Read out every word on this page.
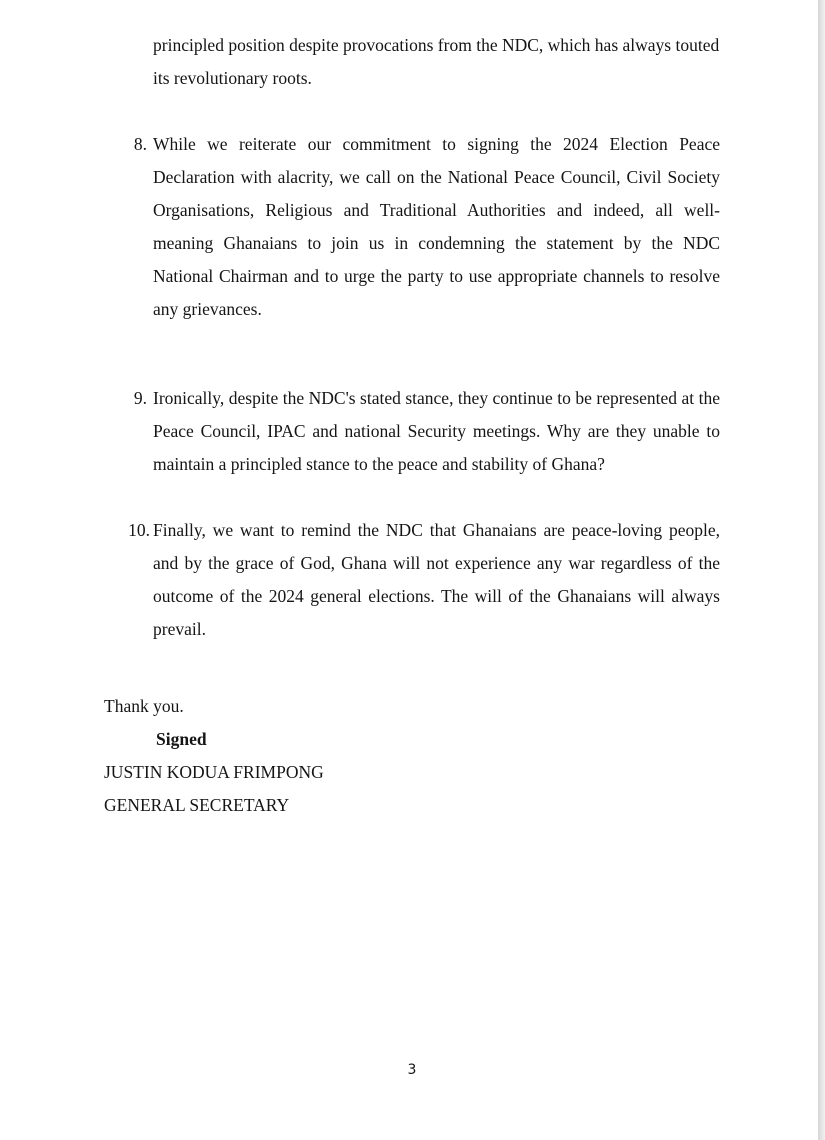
principled position despite provocations from the NDC, which has always touted its revolutionary roots.

8. While we reiterate our commitment to signing the 2024 Election Peace Declaration with alacrity, we call on the National Peace Council, Civil Society Organisations, Religious and Traditional Authorities and indeed, all well-meaning Ghanaians to join us in condemning the statement by the NDC National Chairman and to urge the party to use appropriate channels to resolve any grievances.

9. Ironically, despite the NDC's stated stance, they continue to be represented at the Peace Council, IPAC and national Security meetings. Why are they unable to maintain a principled stance to the peace and stability of Ghana?

10. Finally, we want to remind the NDC that Ghanaians are peace-loving people, and by the grace of God, Ghana will not experience any war regardless of the outcome of the 2024 general elections. The will of the Ghanaians will always prevail.

Thank you.
Signed
JUSTIN KODUA FRIMPONG
GENERAL SECRETARY
3
